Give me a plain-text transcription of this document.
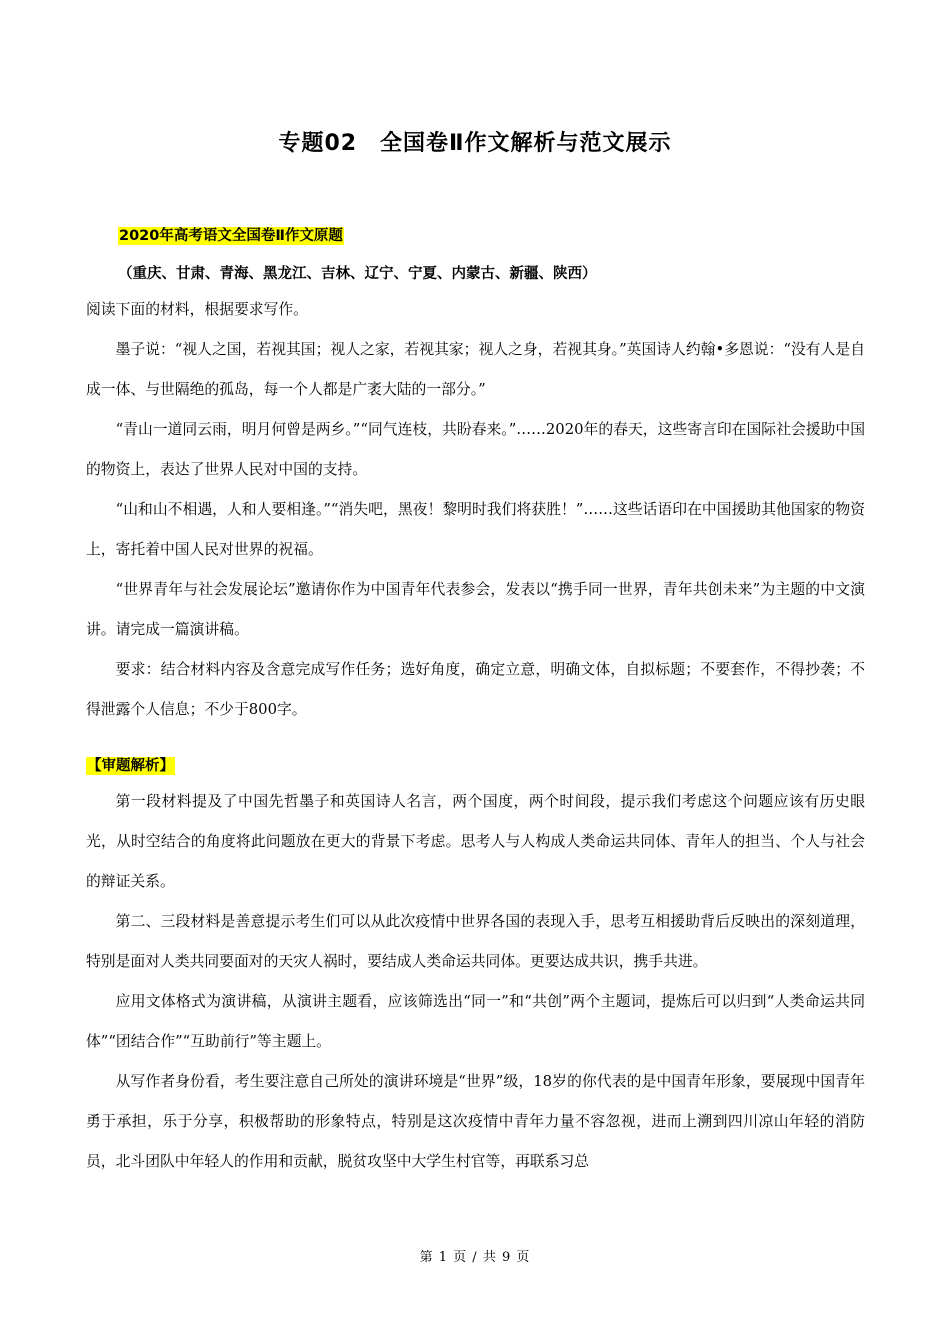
专题02　全国卷Ⅱ作文解析与范文展示
2020年高考语文全国卷Ⅱ作文原题
（重庆、甘肃、青海、黑龙江、吉林、辽宁、宁夏、内蒙古、新疆、陕西）

阅读下面的材料，根据要求写作。

墨子说：“视人之国，若视其国；视人之家，若视其家；视人之身，若视其身。”英国诗人约翰•多恩说：“没有人是自成一体、与世隔绝的孤岛，每一个人都是广袤大陆的一部分。”

“青山一道同云雨，明月何曾是两乡。”“同气连枝，共盼春来。”……2020年的春天，这些寄言印在国际社会援助中国的物资上，表达了世界人民对中国的支持。

“山和山不相遇，人和人要相逢。”“消失吧，黑夜！黎明时我们将获胜！”……这些话语印在中国援助其他国家的物资上，寄托着中国人民对世界的祝福。

“世界青年与社会发展论坛”邀请你作为中国青年代表参会，发表以“携手同一世界，青年共创未来”为主题的中文演讲。请完成一篇演讲稿。

要求：结合材料内容及含意完成写作任务；选好角度，确定立意，明确文体，自拟标题；不要套作，不得抄袭；不得泄露个人信息；不少于800字。

【审题解析】

第一段材料提及了中国先哲墨子和英国诗人名言，两个国度，两个时间段，提示我们考虑这个问题应该有历史眼光，从时空结合的角度将此问题放在更大的背景下考虑。思考人与人构成人类命运共同体、青年人的担当、个人与社会的辩证关系。

第二、三段材料是善意提示考生们可以从此次疫情中世界各国的表现入手，思考互相援助背后反映出的深刻道理，特别是面对人类共同要面对的天灾人祸时，要结成人类命运共同体。更要达成共识，携手共进。

应用文体格式为演讲稿，从演讲主题看，应该筛选出“同一”和“共创”两个主题词，提炼后可以归到“人类命运共同体”“团结合作”“互助前行”等主题上。

从写作者身份看，考生要注意自己所处的演讲环境是“世界”级，18岁的你代表的是中国青年形象，要展现中国青年勇于承担，乐于分享，积极帮助的形象特点，特别是这次疫情中青年力量不容忽视，进而上溯到四川凉山年轻的消防员，北斗团队中年轻人的作用和贡献，脱贫攻坚中大学生村官等，再联系习总

第 1 页 / 共 9 页
